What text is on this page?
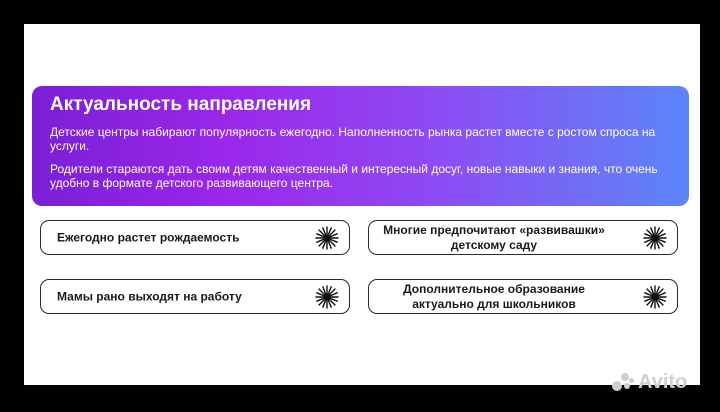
Актуальность направления
Детские центры набирают популярность ежегодно. Наполненность рынка растет вместе с ростом спроса на услуги.
Родители стараются дать своим детям качественный и интересный досуг, новые навыки и знания, что очень удобно в формате детского развивающего центра.
Ежегодно растет рождаемость
Многие предпочитают «развивашки» детскому саду
Мамы рано выходят на работу
Дополнительное образование актуально для школьников
Avito
